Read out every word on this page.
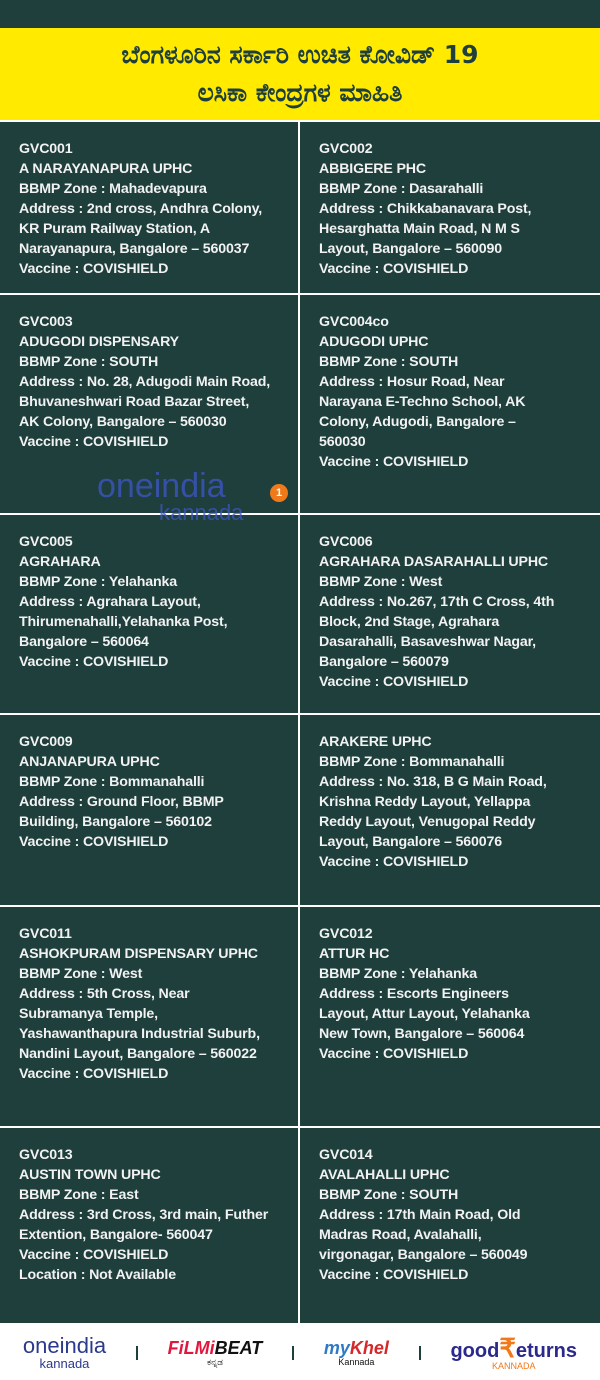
ಬೆಂಗಳೂರಿನ ಸರ್ಕಾರಿ ಉಚಿತ ಕೋವಿಡ್ 19
ಲಸಿಕಾ ಕೇಂದ್ರಗಳ ಮಾಹಿತಿ
GVC001
A NARAYANAPURA UPHC
BBMP Zone : Mahadevapura
Address : 2nd cross, Andhra Colony,
KR Puram Railway Station, A
Narayanapura, Bangalore – 560037
Vaccine : COVISHIELD
GVC002
ABBIGERE PHC
BBMP Zone : Dasarahalli
Address : Chikkabanavara Post,
Hesarghatta Main Road, N M S
Layout, Bangalore – 560090
Vaccine : COVISHIELD
GVC003
ADUGODI DISPENSARY
BBMP Zone : SOUTH
Address : No. 28, Adugodi Main Road,
Bhuvaneshwari Road Bazar Street,
AK Colony, Bangalore – 560030
Vaccine : COVISHIELD
GVC004co
ADUGODI UPHC
BBMP Zone : SOUTH
Address : Hosur Road, Near
Narayana E-Techno School, AK
Colony, Adugodi, Bangalore –
560030
Vaccine : COVISHIELD
GVC005
AGRAHARA
BBMP Zone : Yelahanka
Address : Agrahara Layout,
Thirumenahalli,Yelahanka Post,
Bangalore – 560064
Vaccine : COVISHIELD
GVC006
AGRAHARA DASARAHALLI UPHC
BBMP Zone : West
Address : No.267, 17th C Cross, 4th
Block, 2nd Stage, Agrahara
Dasarahalli, Basaveshwar Nagar,
Bangalore – 560079
Vaccine : COVISHIELD
GVC009
ANJANAPURA UPHC
BBMP Zone : Bommanahalli
Address : Ground Floor, BBMP
Building, Bangalore – 560102
Vaccine : COVISHIELD
ARAKERE UPHC
BBMP Zone : Bommanahalli
Address : No. 318, B G Main Road,
Krishna Reddy Layout, Yellappa
Reddy Layout, Venugopal Reddy
Layout, Bangalore – 560076
Vaccine : COVISHIELD
GVC011
ASHOKPURAM DISPENSARY UPHC
BBMP Zone : West
Address : 5th Cross, Near
Subramanya Temple,
Yashawanthapura Industrial Suburb,
Nandini Layout, Bangalore – 560022
Vaccine : COVISHIELD
GVC012
ATTUR HC
BBMP Zone : Yelahanka
Address : Escorts Engineers
Layout, Attur Layout, Yelahanka
New Town, Bangalore – 560064
Vaccine : COVISHIELD
GVC013
AUSTIN TOWN UPHC
BBMP Zone : East
Address : 3rd Cross, 3rd main, Futher
Extention, Bangalore- 560047
Vaccine : COVISHIELD
Location : Not Available
GVC014
AVALAHALLI UPHC
BBMP Zone : SOUTH
Address : 17th Main Road, Old
Madras Road, Avalahalli,
virgonagar, Bangalore – 560049
Vaccine : COVISHIELD
oneindia
kannada
1
oneindia
kannada
FiLMiBEAT
ಕನ್ನಡ
myKhel
Kannada	good₹eturns
KANNADA
